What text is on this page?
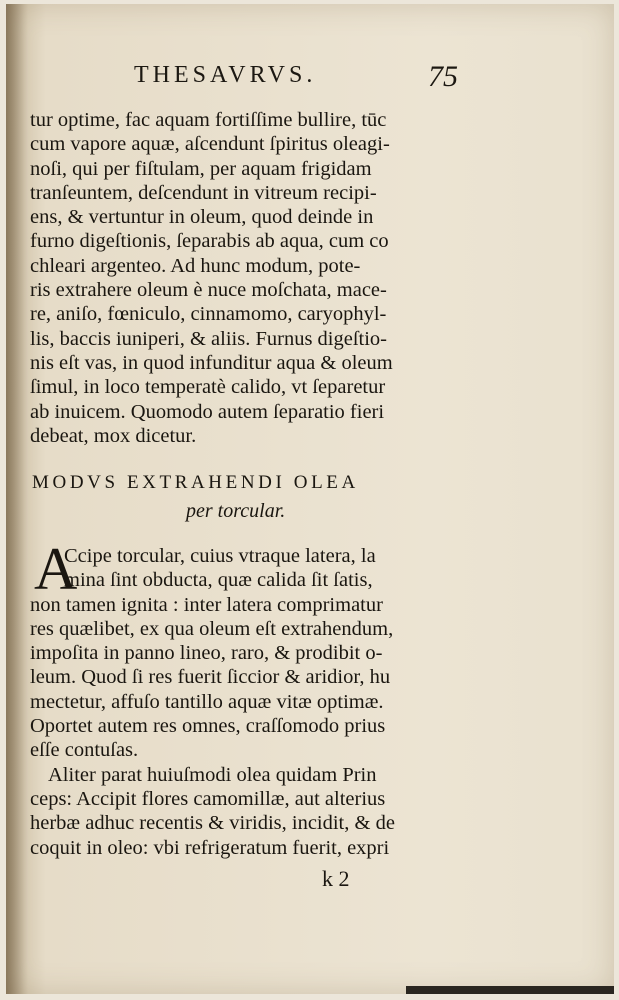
THESAVRVS.	75
tur optime, fac aquam fortiſſime bullire, tūc
cum vapore aquæ, aſcendunt ſpiritus oleagi-
noſi, qui per fiſtulam, per aquam frigidam
tranſeuntem, deſcendunt in vitreum recipi-
ens, & vertuntur in oleum, quod deinde in
furno digeſtionis, ſeparabis ab aqua, cum co
chleari argenteo. Ad hunc modum, pote-
ris extrahere oleum è nuce moſchata, mace-
re, aniſo, fœniculo, cinnamomo, caryophyl-
lis, baccis iuniperi, & aliis. Furnus digeſtio-
nis eſt vas, in quod infunditur aqua & oleum
ſimul, in loco temperatè calido, vt ſeparetur
ab inuicem. Quomodo autem ſeparatio fieri
debeat, mox dicetur.
MODVS EXTRAHENDI OLEA
per torcular.
A
Ccipe torcular, cuius vtraque latera, la
mina ſint obducta, quæ calida ſit ſatis,
non tamen ignita : inter latera comprimatur
res quælibet, ex qua oleum eſt extrahendum,
impoſita in panno lineo, raro, & prodibit o-
leum. Quod ſi res fuerit ſiccior & aridior, hu
mectetur, affuſo tantillo aquæ vitæ optimæ.
Oportet autem res omnes, craſſomodo prius
eſſe contuſas.
Aliter parat huiuſmodi olea quidam Prin
ceps: Accipit flores camomillæ, aut alterius
herbæ adhuc recentis & viridis, incidit, & de
coquit in oleo: vbi refrigeratum fuerit, expri
k 2
